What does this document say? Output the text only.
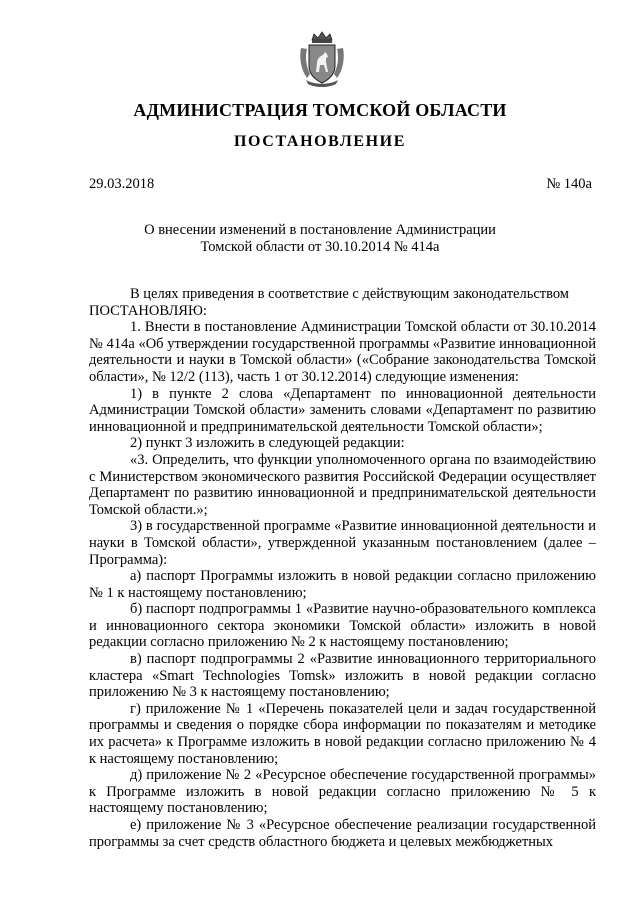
АДМИНИСТРАЦИЯ ТОМСКОЙ ОБЛАСТИ
ПОСТАНОВЛЕНИЕ
29.03.2018	№ 140а
О внесении изменений в постановление Администрации
Томской области от 30.10.2014 № 414а

В целях приведения в соответствие с действующим законодательством

ПОСТАНОВЛЯЮ:

1. Внести в постановление Администрации Томской области от 30.10.2014 № 414а «Об утверждении государственной программы «Развитие инновационной деятельности и науки в Томской области» («Собрание законодательства Томской области», № 12/2 (113), часть 1 от 30.12.2014) следующие изменения:

1) в пункте 2 слова «Департамент по инновационной деятельности Администрации Томской области» заменить словами «Департамент по развитию инновационной и предпринимательской деятельности Томской области»;

2) пункт 3 изложить в следующей редакции:

«3. Определить, что функции уполномоченного органа по взаимодействию с Министерством экономического развития Российской Федерации осуществляет Департамент по развитию инновационной и предпринимательской деятельности Томской области.»;

3) в государственной программе «Развитие инновационной деятельности и науки в Томской области», утвержденной указанным постановлением (далее – Программа):

а) паспорт Программы изложить в новой редакции согласно приложению № 1 к настоящему постановлению;

б) паспорт подпрограммы 1 «Развитие научно-образовательного комплекса и инновационного сектора экономики Томской области» изложить в новой редакции согласно приложению № 2 к настоящему постановлению;

в) паспорт подпрограммы 2 «Развитие инновационного территориального кластера «Smart Technologies Tomsk» изложить в новой редакции согласно приложению № 3 к настоящему постановлению;

г) приложение № 1 «Перечень показателей цели и задач государственной программы и сведения о порядке сбора информации по показателям и методике их расчета» к Программе изложить в новой редакции согласно приложению № 4 к настоящему постановлению;

д) приложение № 2 «Ресурсное обеспечение государственной программы» к Программе изложить в новой редакции согласно приложению № 5 к настоящему постановлению;

е) приложение № 3 «Ресурсное обеспечение реализации государственной программы за счет средств областного бюджета и целевых межбюджетных
